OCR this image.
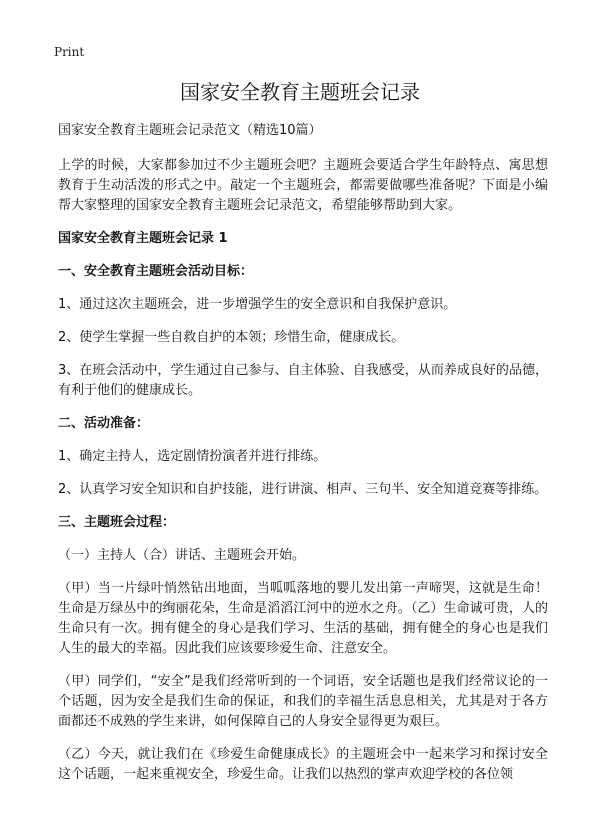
Print
国家安全教育主题班会记录

国家安全教育主题班会记录范文（精选10篇）

上学的时候，大家都参加过不少主题班会吧？主题班会要适合学生年龄特点、寓思想教育于生动活泼的形式之中。敲定一个主题班会，都需要做哪些准备呢？下面是小编帮大家整理的国家安全教育主题班会记录范文，希望能够帮助到大家。

国家安全教育主题班会记录 1

一、安全教育主题班会活动目标：

1、通过这次主题班会，进一步增强学生的安全意识和自我保护意识。

2、使学生掌握一些自救自护的本领；珍惜生命，健康成长。

3、在班会活动中，学生通过自己参与、自主体验、自我感受，从而养成良好的品德，有利于他们的健康成长。

二、活动准备：

1、确定主持人，选定剧情扮演者并进行排练。

2、认真学习安全知识和自护技能，进行讲演、相声、三句半、安全知道竞赛等排练。

三、主题班会过程：

（一）主持人（合）讲话、主题班会开始。

（甲）当一片绿叶悄然钻出地面，当呱呱落地的婴儿发出第一声啼哭，这就是生命！生命是万绿丛中的绚丽花朵，生命是滔滔江河中的逆水之舟。（乙）生命诚可贵，人的生命只有一次。拥有健全的身心是我们学习、生活的基础，拥有健全的身心也是我们人生的最大的幸福。因此我们应该要珍爱生命、注意安全。

（甲）同学们，“安全”是我们经常听到的一个词语，安全话题也是我们经常议论的一个话题，因为安全是我们生命的保证，和我们的幸福生活息息相关，尤其是对于各方面都还不成熟的学生来讲，如何保障自己的人身安全显得更为艰巨。

（乙）今天，就让我们在《珍爱生命健康成长》的主题班会中一起来学习和探讨安全这个话题，一起来重视安全，珍爱生命。让我们以热烈的掌声欢迎学校的各位领
